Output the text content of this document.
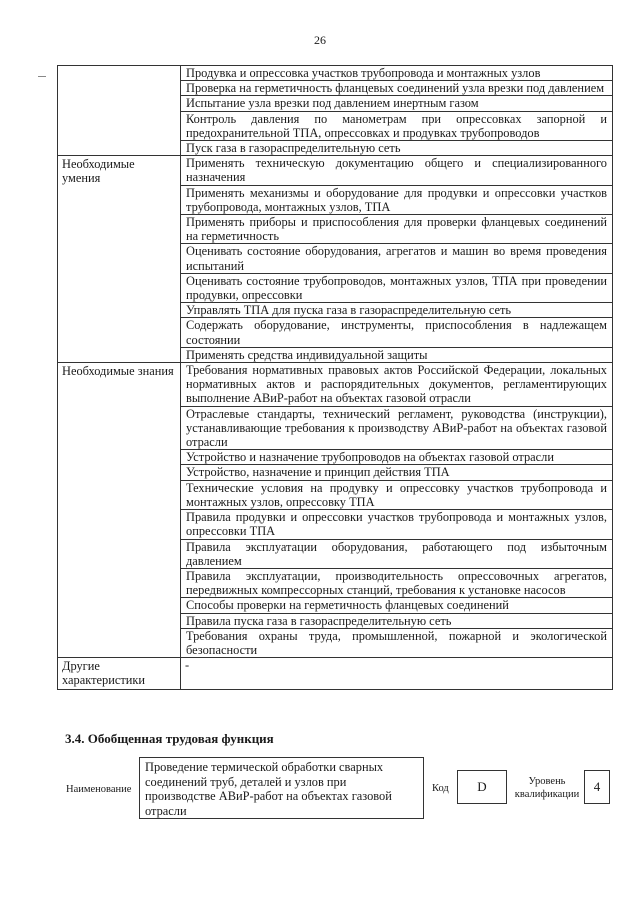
26
	Продувка и опрессовка участков трубопровода и монтажных узлов
	Проверка на герметичность фланцевых соединений узла врезки под давлением
	Испытание узла врезки под давлением инертным газом
	Контроль давления по манометрам при опрессовках запорной и предохранительной ТПА, опрессовках и продувках трубопроводов
	Пуск газа в газораспределительную сеть
Необходимые умения	Применять техническую документацию общего и специализированного назначения
	Применять механизмы и оборудование для продувки и опрессовки участков трубопровода, монтажных узлов, ТПА
	Применять приборы и приспособления для проверки фланцевых соединений на герметичность
	Оценивать состояние оборудования, агрегатов и машин во время проведения испытаний
	Оценивать состояние трубопроводов, монтажных узлов, ТПА при проведении продувки, опрессовки
	Управлять ТПА для пуска газа в газораспределительную сеть
	Содержать оборудование, инструменты, приспособления в надлежащем состоянии
	Применять средства индивидуальной защиты
Необходимые знания	Требования нормативных правовых актов Российской Федерации, локальных нормативных актов и распорядительных документов, регламентирующих выполнение АВиР-работ на объектах газовой отрасли
	Отраслевые стандарты, технический регламент, руководства (инструкции), устанавливающие требования к производству АВиР-работ на объектах газовой отрасли
	Устройство и назначение трубопроводов на объектах газовой отрасли
	Устройство, назначение и принцип действия ТПА
	Технические условия на продувку и опрессовку участков трубопровода и монтажных узлов, опрессовку ТПА
	Правила продувки и опрессовки участков трубопровода и монтажных узлов, опрессовки ТПА
	Правила эксплуатации оборудования, работающего под избыточным давлением
	Правила эксплуатации, производительность опрессовочных агрегатов, передвижных компрессорных станций, требования к установке насосов
	Способы проверки на герметичность фланцевых соединений
	Правила пуска газа в газораспределительную сеть
	Требования охраны труда, промышленной, пожарной и экологической безопасности
Другие характеристики	-
3.4. Обобщенная трудовая функция
Наименование
Проведение термической обработки сварных соединений труб, деталей и узлов при производстве АВиР-работ на объектах газовой отрасли
Код	D	Уровень квалификации
4
